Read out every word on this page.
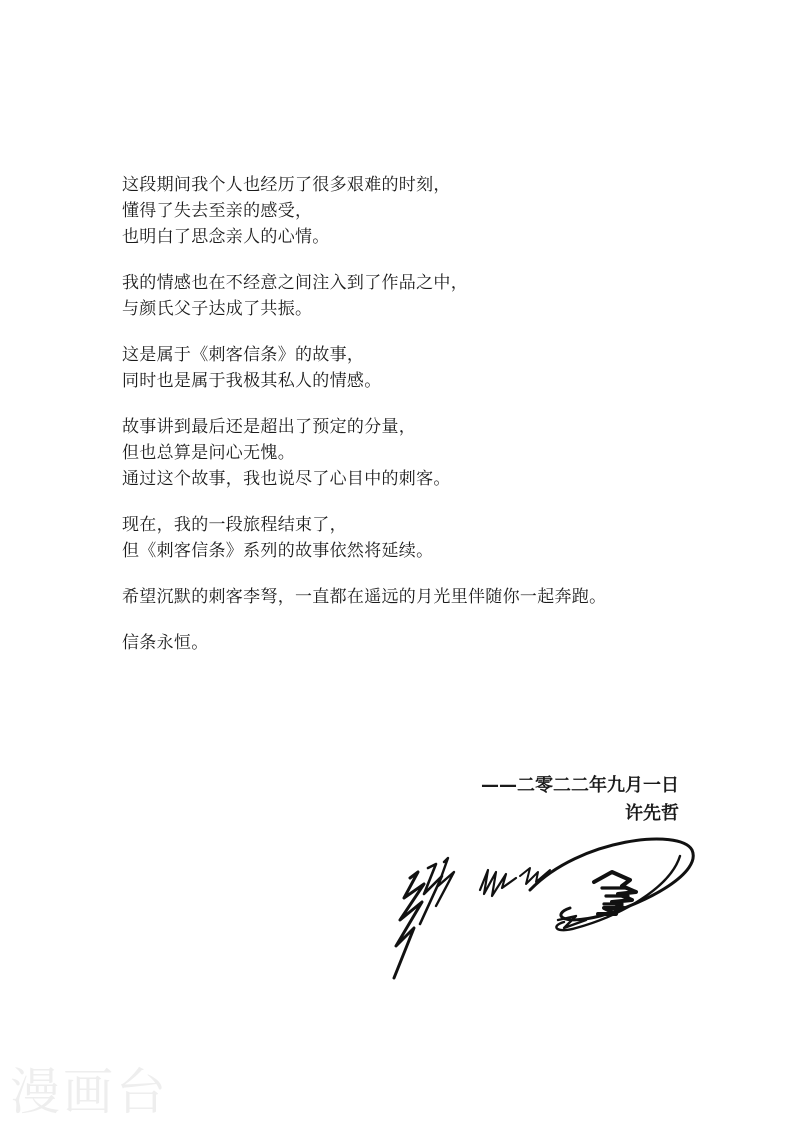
这段期间我个人也经历了很多艰难的时刻，
懂得了失去至亲的感受，
也明白了思念亲人的心情。
我的情感也在不经意之间注入到了作品之中，
与颜氏父子达成了共振。
这是属于《刺客信条》的故事，
同时也是属于我极其私人的情感。
故事讲到最后还是超出了预定的分量，
但也总算是问心无愧。
通过这个故事，我也说尽了心目中的刺客。
现在，我的一段旅程结束了，
但《刺客信条》系列的故事依然将延续。
希望沉默的刺客李弩，一直都在遥远的月光里伴随你一起奔跑。
信条永恒。
——二零二二年九月一日
许先哲
漫画台
